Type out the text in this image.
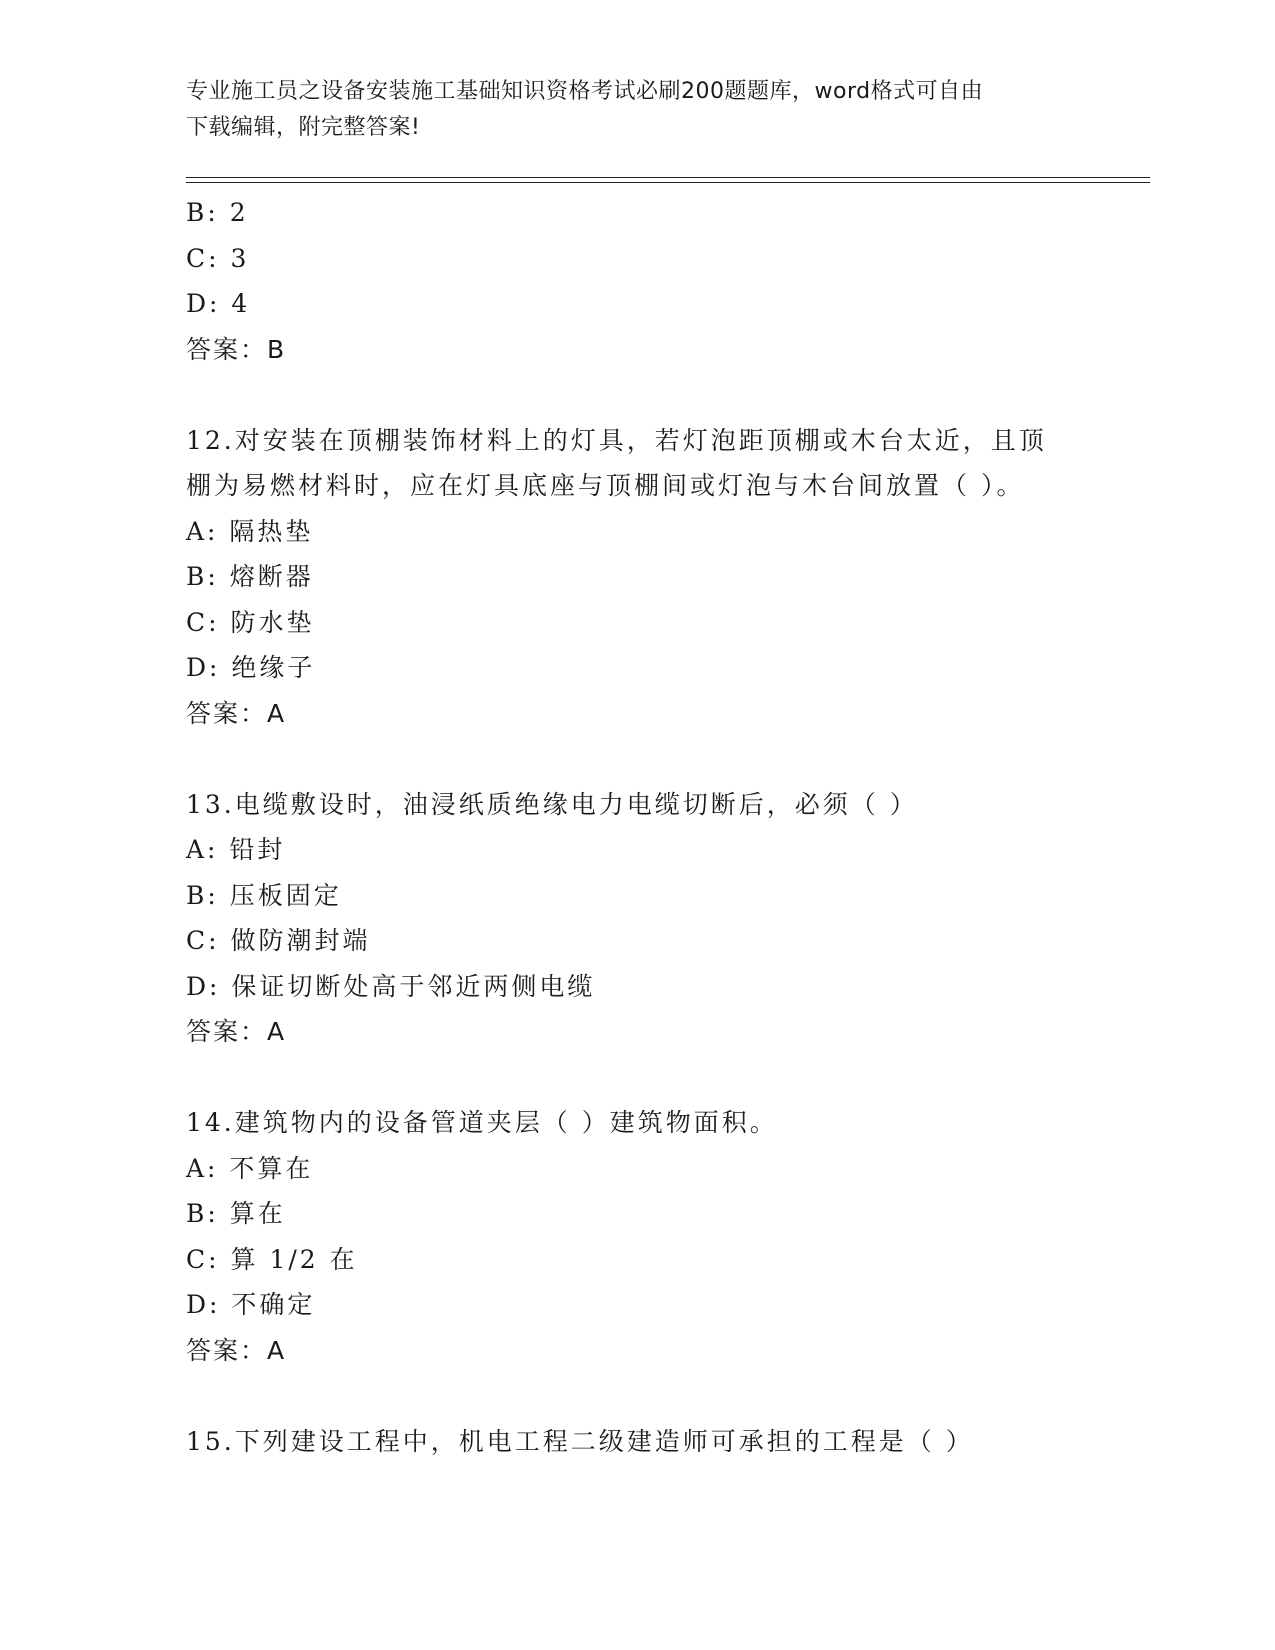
专业施工员之设备安装施工基础知识资格考试必刷200题题库，word格式可自由
下载编辑，附完整答案!
B: 2
C: 3
D: 4
答案：B
12.对安装在顶棚装饰材料上的灯具，若灯泡距顶棚或木台太近，且顶
棚为易燃材料时，应在灯具底座与顶棚间或灯泡与木台间放置（ ）。
A: 隔热垫
B: 熔断器
C: 防水垫
D: 绝缘子
答案：A
13.电缆敷设时，油浸纸质绝缘电力电缆切断后，必须（ ）
A: 铅封
B: 压板固定
C: 做防潮封端
D: 保证切断处高于邻近两侧电缆
答案：A
14.建筑物内的设备管道夹层（ ）建筑物面积。
A: 不算在
B: 算在
C: 算 1/2 在
D: 不确定
答案：A
15.下列建设工程中，机电工程二级建造师可承担的工程是（ ）
